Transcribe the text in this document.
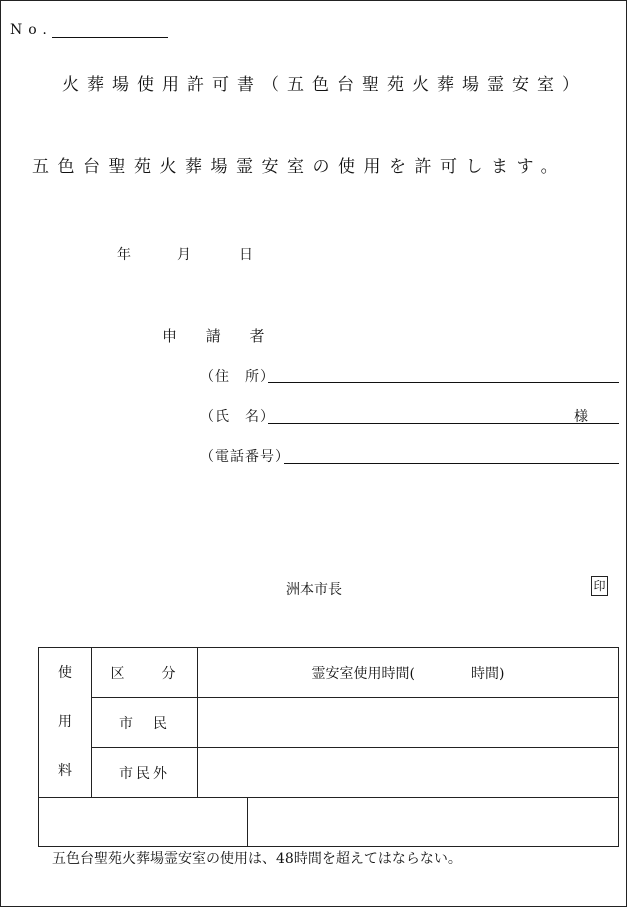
No.
火葬場使用許可書（五色台聖苑火葬場霊安室）
五色台聖苑火葬場霊安室の使用を許可します。
年	月	日
申 請 者
（住　所）
（氏　名）	様
（電話番号）
洲本市長	印
使
用
料	区　　分	霊安室使用時間(　　　　時間)
	市　民	
	市民外	

五色台聖苑火葬場霊安室の使用は、48時間を超えてはならない。
